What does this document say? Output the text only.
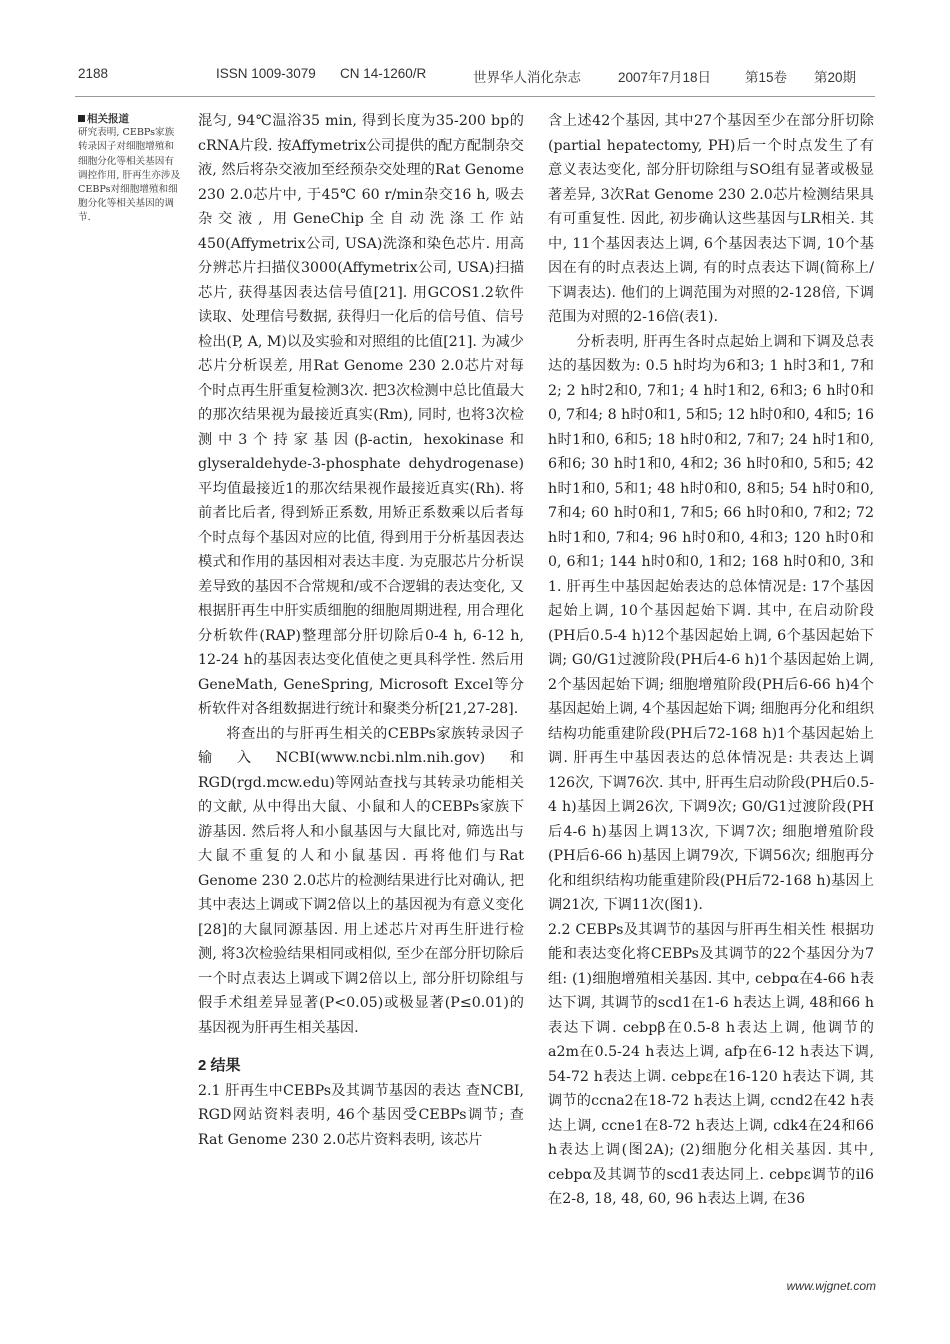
2188	ISSN 1009-3079 CN 14-1260/R	世界华人消化杂志	2007年7月18日	第15卷 第20期
相关报道
研究表明, CEBPs家族转录因子对细胞增殖和细胞分化等相关基因有调控作用, 肝再生亦涉及CEBPs对细胞增殖和细胞分化等相关基因的调节.

混匀, 94℃温浴35 min, 得到长度为35-200 bp的cRNA片段. 按Affymetrix公司提供的配方配制杂交液, 然后将杂交液加至经预杂交处理的Rat Genome 230 2.0芯片中, 于45℃ 60 r/min杂交16 h, 吸去杂交液, 用GeneChip全自动洗涤工作站450(Affymetrix公司, USA)洗涤和染色芯片. 用高分辨芯片扫描仪3000(Affymetrix公司, USA)扫描芯片, 获得基因表达信号值[21]. 用GCOS1.2软件读取、处理信号数据, 获得归一化后的信号值、信号检出(P, A, M)以及实验和对照组的比值[21]. 为减少芯片分析误差, 用Rat Genome 230 2.0芯片对每个时点再生肝重复检测3次. 把3次检测中总比值最大的那次结果视为最接近真实(Rm), 同时, 也将3次检测中3个持家基因(β-actin, hexokinase和glyseraldehyde-3-phosphate dehydrogenase)平均值最接近1的那次结果视作最接近真实(Rh). 将前者比后者, 得到矫正系数, 用矫正系数乘以后者每个时点每个基因对应的比值, 得到用于分析基因表达模式和作用的基因相对表达丰度. 为克服芯片分析误差导致的基因不合常规和/或不合逻辑的表达变化, 又根据肝再生中肝实质细胞的细胞周期进程, 用合理化分析软件(RAP)整理部分肝切除后0-4 h, 6-12 h, 12-24 h的基因表达变化值使之更具科学性. 然后用GeneMath, GeneSpring, Microsoft Excel等分析软件对各组数据进行统计和聚类分析[21,27-28].

将查出的与肝再生相关的CEBPs家族转录因子输入NCBI(www.ncbi.nlm.nih.gov)和RGD(rgd.mcw.edu)等网站查找与其转录功能相关的文献, 从中得出大鼠、小鼠和人的CEBPs家族下游基因. 然后将人和小鼠基因与大鼠比对, 筛选出与大鼠不重复的人和小鼠基因. 再将他们与Rat Genome 230 2.0芯片的检测结果进行比对确认, 把其中表达上调或下调2倍以上的基因视为有意义变化[28]的大鼠同源基因. 用上述芯片对再生肝进行检测, 将3次检验结果相同或相似, 至少在部分肝切除后一个时点表达上调或下调2倍以上, 部分肝切除组与假手术组差异显著(P<0.05)或极显著(P≤0.01)的基因视为肝再生相关基因.

2 结果

2.1 肝再生中CEBPs及其调节基因的表达 查NCBI, RGD网站资料表明, 46个基因受CEBPs调节; 查Rat Genome 230 2.0芯片资料表明, 该芯片

含上述42个基因, 其中27个基因至少在部分肝切除(partial hepatectomy, PH)后一个时点发生了有意义表达变化, 部分肝切除组与SO组有显著或极显著差异, 3次Rat Genome 230 2.0芯片检测结果具有可重复性. 因此, 初步确认这些基因与LR相关. 其中, 11个基因表达上调, 6个基因表达下调, 10个基因在有的时点表达上调, 有的时点表达下调(简称上/下调表达). 他们的上调范围为对照的2-128倍, 下调范围为对照的2-16倍(表1).

分析表明, 肝再生各时点起始上调和下调及总表达的基因数为: 0.5 h时均为6和3; 1 h时3和1, 7和2; 2 h时2和0, 7和1; 4 h时1和2, 6和3; 6 h时0和0, 7和4; 8 h时0和1, 5和5; 12 h时0和0, 4和5; 16 h时1和0, 6和5; 18 h时0和2, 7和7; 24 h时1和0, 6和6; 30 h时1和0, 4和2; 36 h时0和0, 5和5; 42 h时1和0, 5和1; 48 h时0和0, 8和5; 54 h时0和0, 7和4; 60 h时0和1, 7和5; 66 h时0和0, 7和2; 72 h时1和0, 7和4; 96 h时0和0, 4和3; 120 h时0和0, 6和1; 144 h时0和0, 1和2; 168 h时0和0, 3和1. 肝再生中基因起始表达的总体情况是: 17个基因起始上调, 10个基因起始下调. 其中, 在启动阶段(PH后0.5-4 h)12个基因起始上调, 6个基因起始下调; G0/G1过渡阶段(PH后4-6 h)1个基因起始上调, 2个基因起始下调; 细胞增殖阶段(PH后6-66 h)4个基因起始上调, 4个基因起始下调; 细胞再分化和组织结构功能重建阶段(PH后72-168 h)1个基因起始上调. 肝再生中基因表达的总体情况是: 共表达上调126次, 下调76次. 其中, 肝再生启动阶段(PH后0.5-4 h)基因上调26次, 下调9次; G0/G1过渡阶段(PH后4-6 h)基因上调13次, 下调7次; 细胞增殖阶段(PH后6-66 h)基因上调79次, 下调56次; 细胞再分化和组织结构功能重建阶段(PH后72-168 h)基因上调21次, 下调11次(图1).

2.2 CEBPs及其调节的基因与肝再生相关性 根据功能和表达变化将CEBPs及其调节的22个基因分为7组: (1)细胞增殖相关基因. 其中, cebpα在4-66 h表达下调, 其调节的scd1在1-6 h表达上调, 48和66 h表达下调. cebpβ在0.5-8 h表达上调, 他调节的a2m在0.5-24 h表达上调, afp在6-12 h表达下调, 54-72 h表达上调. cebpε在16-120 h表达下调, 其调节的ccna2在18-72 h表达上调, ccnd2在42 h表达上调, ccne1在8-72 h表达上调, cdk4在24和66 h表达上调(图2A); (2)细胞分化相关基因. 其中, cebpα及其调节的scd1表达同上. cebpε调节的il6在2-8, 18, 48, 60, 96 h表达上调, 在36

www.wjgnet.com
